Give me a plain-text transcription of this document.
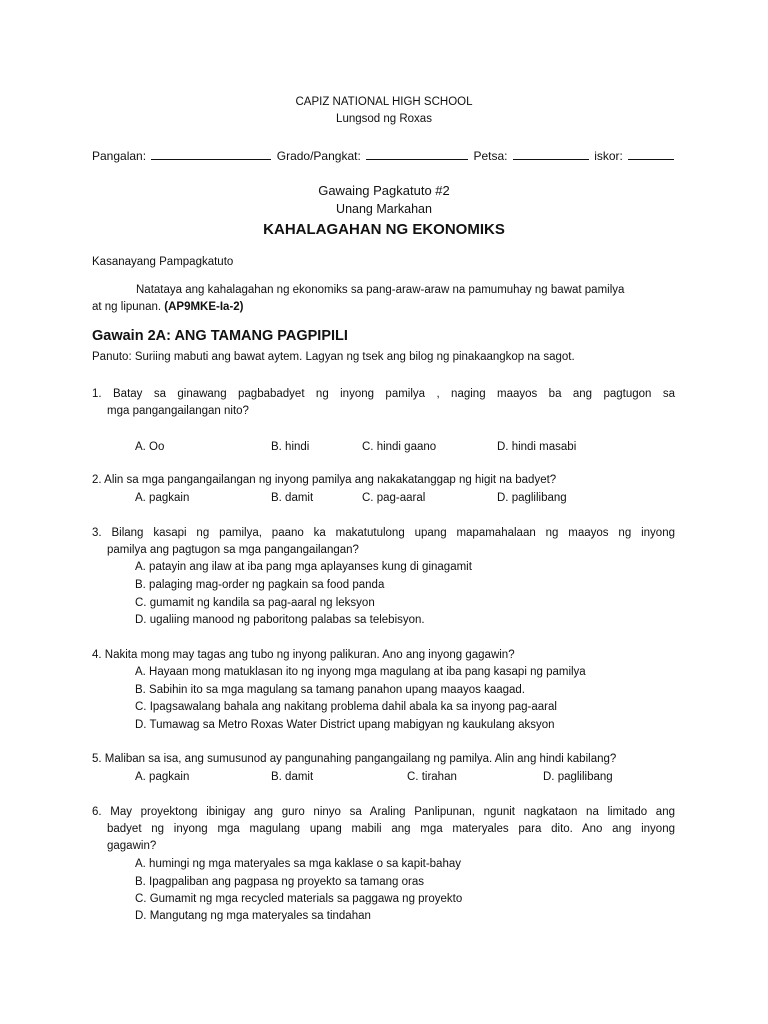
CAPIZ NATIONAL HIGH SCHOOL
Lungsod ng Roxas
Pangalan:	Grado/Pangkat:	Petsa:	iskor:
Gawaing Pagkatuto #2
Unang Markahan
KAHALAGAHAN NG EKONOMIKS
Kasanayang Pampagkatuto
Natataya ang kahalagahan ng ekonomiks sa pang-araw-araw na pamumuhay ng bawat pamilya
at ng lipunan. (AP9MKE-Ia-2)
Gawain 2A: ANG TAMANG PAGPIPILI
Panuto: Suriing mabuti ang bawat aytem. Lagyan ng tsek ang bilog ng pinakaangkop na sagot.
1. Batay sa ginawang pagbabadyet ng inyong pamilya , naging maayos ba ang pagtugon sa
mga pangangailangan nito?
A. Oo	B. hindi	C. hindi gaano	D. hindi masabi
2. Alin sa mga pangangailangan ng inyong pamilya ang nakakatanggap ng higit na badyet?
A. pagkain	B. damit	C. pag-aaral	D. paglilibang
3. Bilang kasapi ng pamilya, paano ka makatutulong upang mapamahalaan ng maayos ng inyong
pamilya ang pagtugon sa mga pangangailangan?
A. patayin ang ilaw at iba pang mga aplayanses kung di ginagamit
B. palaging mag-order ng pagkain sa food panda
C. gumamit ng kandila sa pag-aaral ng leksyon
D. ugaliing manood ng paboritong palabas sa telebisyon.
4. Nakita mong may tagas ang tubo ng inyong palikuran. Ano ang inyong gagawin?
A. Hayaan mong matuklasan ito ng inyong mga magulang at iba pang kasapi ng pamilya
B. Sabihin ito sa mga magulang sa tamang panahon upang maayos kaagad.
C. Ipagsawalang bahala ang nakitang problema dahil abala ka sa inyong pag-aaral
D. Tumawag sa Metro Roxas Water District upang mabigyan ng kaukulang aksyon
5. Maliban sa isa, ang sumusunod ay pangunahing pangangailang ng pamilya. Alin ang hindi kabilang?
A. pagkain	B. damit	C. tirahan	D. paglilibang
6. May proyektong ibinigay ang guro ninyo sa Araling Panlipunan, ngunit nagkataon na limitado ang
badyet ng inyong mga magulang upang mabili ang mga materyales para dito. Ano ang inyong
gagawin?
A. humingi ng mga materyales sa mga kaklase o sa kapit-bahay
B. Ipagpaliban ang pagpasa ng proyekto sa tamang oras
C. Gumamit ng mga recycled materials sa paggawa ng proyekto
D. Mangutang ng mga materyales sa tindahan
